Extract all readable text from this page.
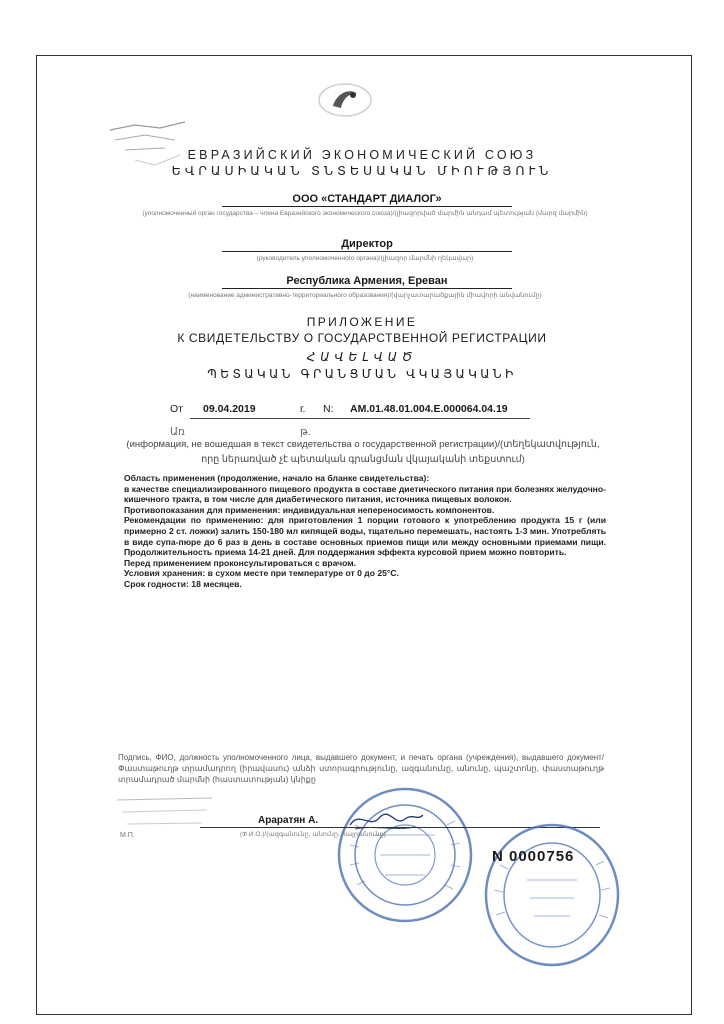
ЕВРАЗИЙСКИЙ ЭКОНОМИЧЕСКИЙ СОЮЗ
ԵՎՐԱՍԻԱԿԱՆ ՏՆՏԵՍԱԿԱՆ ՄԻՈՒԹՅՈՒՆ
ООО «СТАНДАРТ ДИАЛОГ»
(уполномоченный орган государства – члена Евразийского экономического союза)/(լիազորված մարմին անդամ պետության (մարզ մարմին)
Директор
(руководитель уполномоченного органа)/(լիազոր մարմնի ղեկավար)
Республика Армения, Ереван
(наименование административно-территориального образования)/(վարչատարածքային միավորի անվանումը)
ПРИЛОЖЕНИЕ
К СВИДЕТЕЛЬСТВУ О ГОСУДАРСТВЕННОЙ РЕГИСТРАЦИИ
ՀԱՎԵԼՎԱԾ
ՊԵՏԱԿԱՆ ԳՐԱՆՑՄԱՆ ՎԿԱՅԱԿԱՆԻ
От 09.04.2019	г. N: AM.01.48.01.004.E.000064.04.19
Առ	թ.
(информация, не вошедшая в текст свидетельства о государственной регистрации)/(տեղեկատվություն, որը ներառված չէ պետական գրանցման վկայականի տեքստում)

Область применения (продолжение, начало на бланке свидетельства):

в качестве специализированного пищевого продукта в составе диетического питания при болезнях желудочно-кишечного тракта, в том числе для диабетического питания, источника пищевых волокон.

Противопоказания для применения: индивидуальная непереносимость компонентов.

Рекомендации по применению: для приготовления 1 порции готового к употреблению продукта 15 г (или примерно 2 ст. ложки) залить 150-180 мл кипящей воды, тщательно перемешать, настоять 1-3 мин. Употреблять в виде супа-пюре до 6 раз в день в составе основных приемов пищи или между основными приемами пищи. Продолжительность приема 14-21 дней. Для поддержания эффекта курсовой прием можно повторить.

Перед применением проконсультироваться с врачом.

Условия хранения: в сухом месте при температуре от 0 до 25°С.

Срок годности: 18 месяцев.

Подпись, ФИО, должность уполномоченного лица, выдавшего документ, и печать органа (учреждения), выдавшего документ/Փաստաթուղթ տրամադրող (իրավասու) անձի ստորագրությունը, ազգանունը, անունը, պաշտոնը, փաստաթուղթ տրամադրած մարմնի (հաստատության) կնիքը
Араратян А.
(Ф.И.О.)/(ազգանունը, անունը, հայրանունը)
М.П.
N 0000756
